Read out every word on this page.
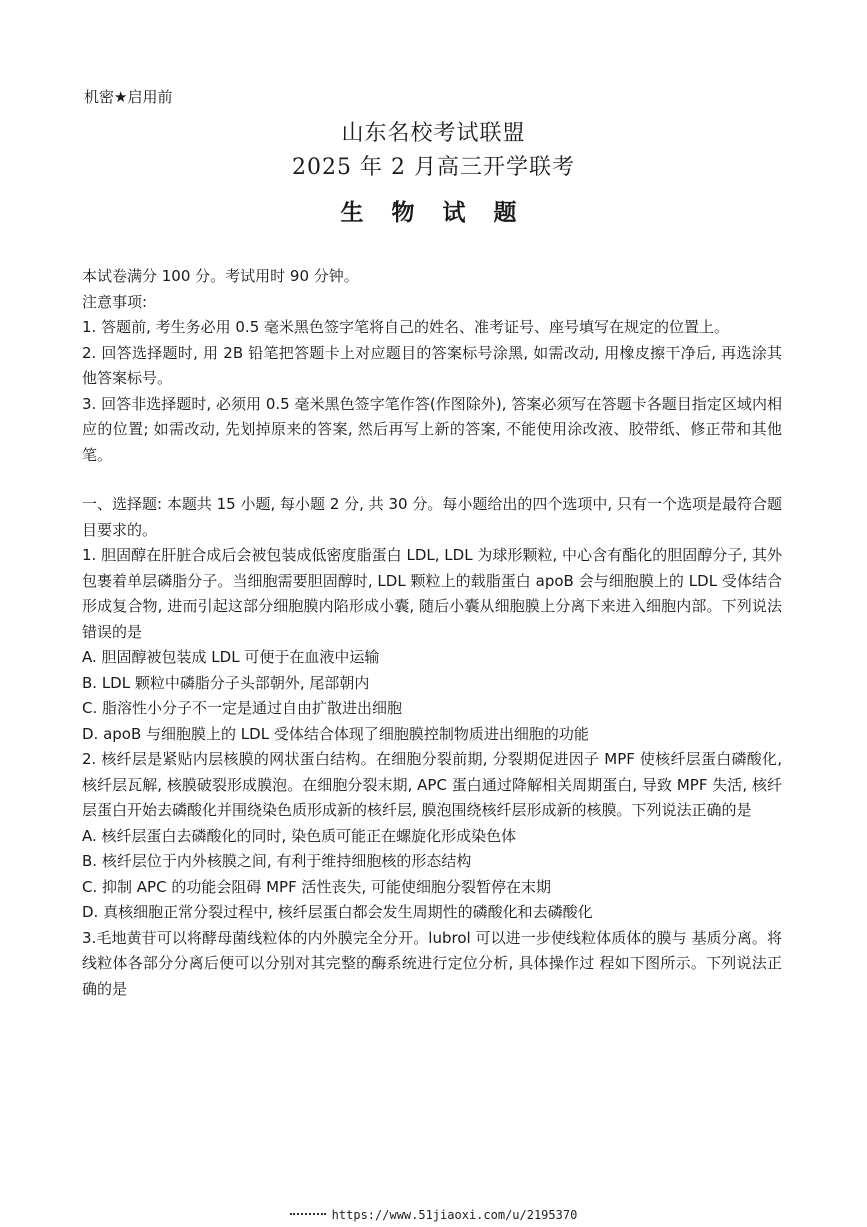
机密★启用前
山东名校考试联盟
2025 年 2 月高三开学联考
生 物 试 题

本试卷满分 100 分。考试用时 90 分钟。

注意事项:

1. 答题前, 考生务必用 0.5 毫米黑色签字笔将自己的姓名、准考证号、座号填写在规定的位置上。

2. 回答选择题时, 用 2B 铅笔把答题卡上对应题目的答案标号涂黑, 如需改动, 用橡皮擦干净后, 再选涂其他答案标号。

3. 回答非选择题时, 必须用 0.5 毫米黑色签字笔作答(作图除外), 答案必须写在答题卡各题目指定区域内相应的位置; 如需改动, 先划掉原来的答案, 然后再写上新的答案, 不能使用涂改液、胶带纸、修正带和其他笔。

一、选择题: 本题共 15 小题, 每小题 2 分, 共 30 分。每小题给出的四个选项中, 只有一个选项是最符合题目要求的。

1. 胆固醇在肝脏合成后会被包装成低密度脂蛋白 LDL, LDL 为球形颗粒, 中心含有酯化的胆固醇分子, 其外包裹着单层磷脂分子。当细胞需要胆固醇时, LDL 颗粒上的载脂蛋白 apoB 会与细胞膜上的 LDL 受体结合形成复合物, 进而引起这部分细胞膜内陷形成小囊, 随后小囊从细胞膜上分离下来进入细胞内部。下列说法错误的是

A. 胆固醇被包装成 LDL 可便于在血液中运输

B. LDL 颗粒中磷脂分子头部朝外, 尾部朝内

C. 脂溶性小分子不一定是通过自由扩散进出细胞

D. apoB 与细胞膜上的 LDL 受体结合体现了细胞膜控制物质进出细胞的功能

2. 核纤层是紧贴内层核膜的网状蛋白结构。在细胞分裂前期, 分裂期促进因子 MPF 使核纤层蛋白磷酸化, 核纤层瓦解, 核膜破裂形成膜泡。在细胞分裂末期, APC 蛋白通过降解相关周期蛋白, 导致 MPF 失活, 核纤层蛋白开始去磷酸化并围绕染色质形成新的核纤层, 膜泡围绕核纤层形成新的核膜。下列说法正确的是

A. 核纤层蛋白去磷酸化的同时, 染色质可能正在螺旋化形成染色体

B. 核纤层位于内外核膜之间, 有利于维持细胞核的形态结构

C. 抑制 APC 的功能会阻碍 MPF 活性丧失, 可能使细胞分裂暂停在末期

D. 真核细胞正常分裂过程中, 核纤层蛋白都会发生周期性的磷酸化和去磷酸化

3.毛地黄苷可以将酵母菌线粒体的内外膜完全分开。lubrol 可以进一步使线粒体质体的膜与 基质分离。将线粒体各部分分离后便可以分别对其完整的酶系统进行定位分析, 具体操作过 程如下图所示。下列说法正确的是

https://www.51jiaoxi.com/u/2195370
